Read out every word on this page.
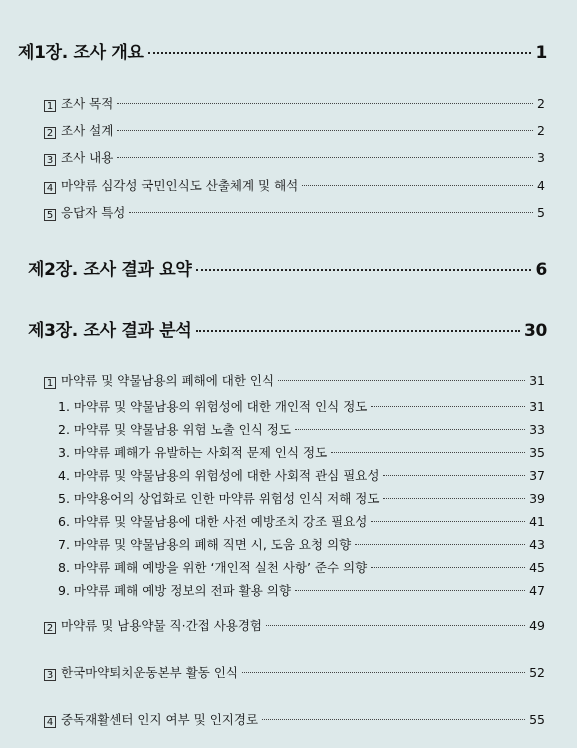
제1장. 조사 개요	1
1 조사 목적	2
2 조사 설계	2
3 조사 내용	3
4 마약류 심각성 국민인식도 산출체계 및 해석	4
5 응답자 특성	5
제2장. 조사 결과 요약	6
제3장. 조사 결과 분석	30
1 마약류 및 약물남용의 폐해에 대한 인식	31
1. 마약류 및 약물남용의 위험성에 대한 개인적 인식 정도	31
2. 마약류 및 약물남용 위험 노출 인식 정도	33
3. 마약류 폐해가 유발하는 사회적 문제 인식 정도	35
4. 마약류 및 약물남용의 위험성에 대한 사회적 관심 필요성	37
5. 마약용어의 상업화로 인한 마약류 위험성 인식 저해 정도	39
6. 마약류 및 약물남용에 대한 사전 예방조치 강조 필요성	41
7. 마약류 및 약물남용의 폐해 직면 시, 도움 요청 의향	43
8. 마약류 폐해 예방을 위한 ‘개인적 실천 사항’ 준수 의향	45
9. 마약류 폐해 예방 정보의 전파 활용 의향	47
2 마약류 및 남용약물 직·간접 사용경험	49
3 한국마약퇴치운동본부 활동 인식	52
4 중독재활센터 인지 여부 및 인지경로	55
